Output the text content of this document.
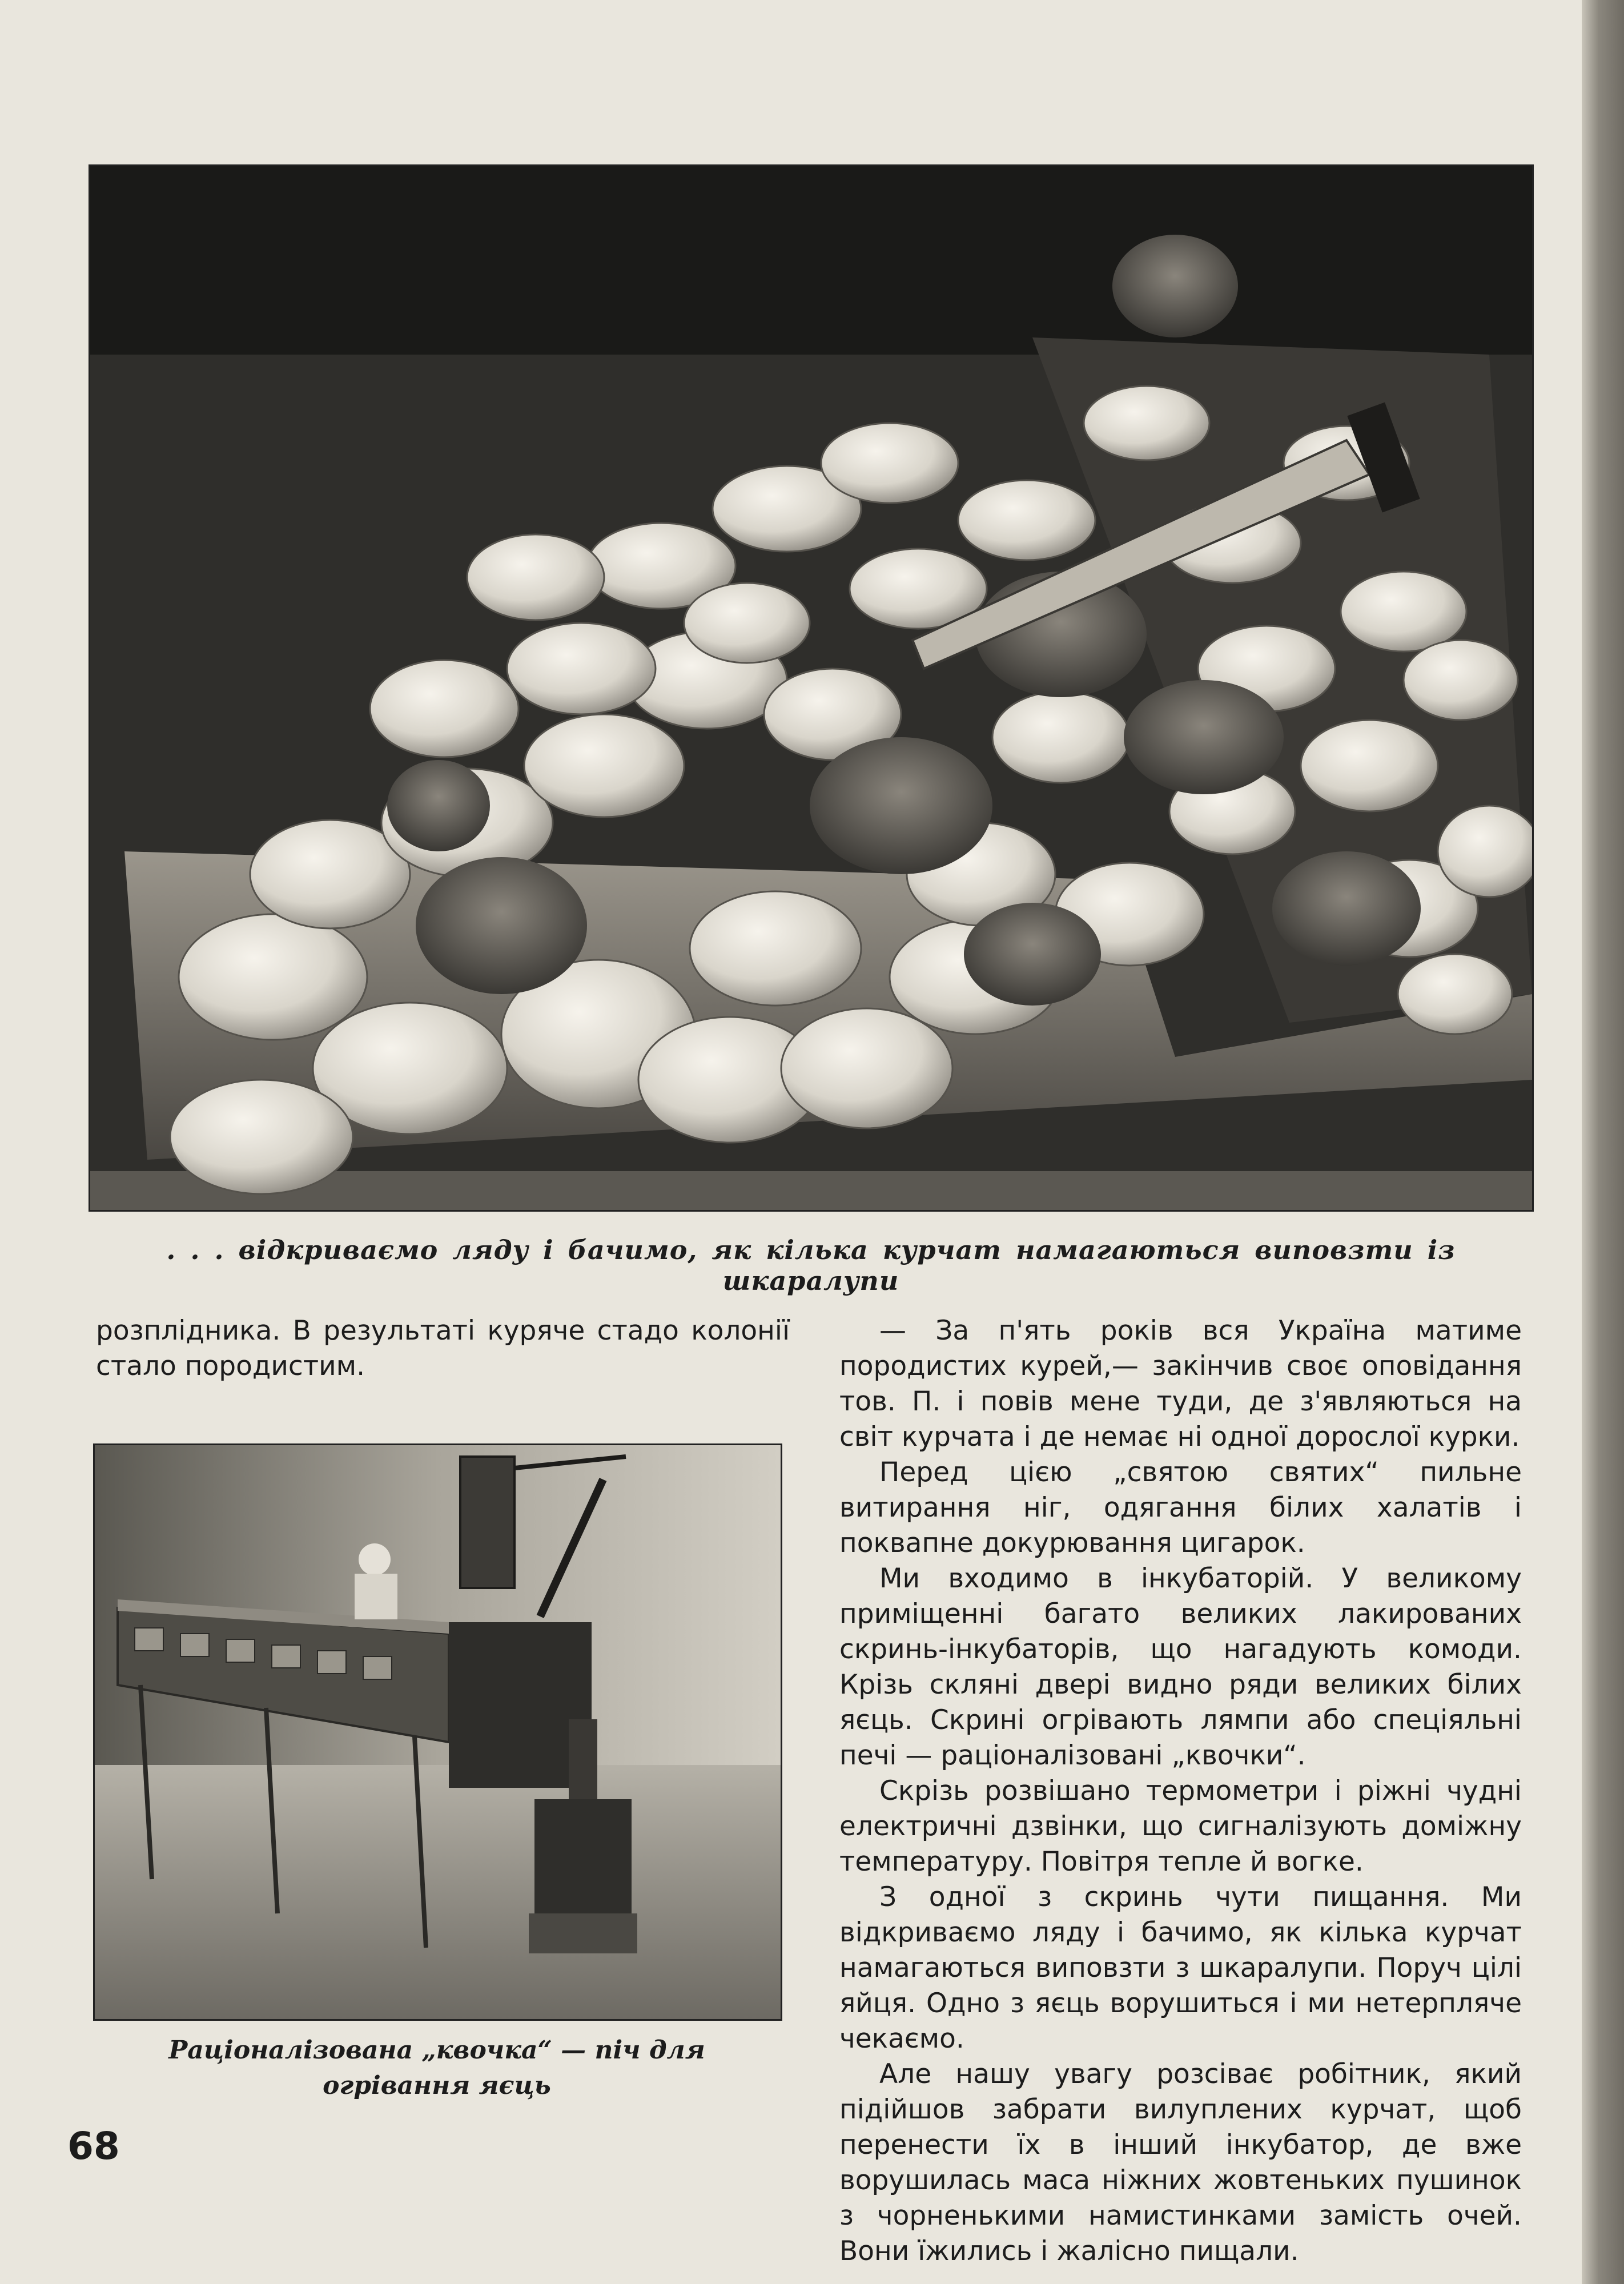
. . . відкриваємо ляду і бачимо, як кілька курчат намагаються виповзти із шкаралупи

розплідника. В результаті куряче стадо колонії стало породистим.

Раціоналізована „квочка“ — піч для огрівання яєць

— За п'ять років вся Україна матиме породистих курей,— закінчив своє оповідання тов. П. і повів мене туди, де з'являються на світ курчата і де немає ні одної дорослої курки.

Перед цією „святою святих“ пильне витирання ніг, одягання білих халатів і поквапне докурювання цигарок.

Ми входимо в інкубаторій. У великому приміщенні багато великих лакированих скринь-інкубаторів, що нагадують комоди. Крізь скляні двері видно ряди великих білих яєць. Скрині огрівають лямпи або спеціяльні печі — раціоналізовані „квочки“.

Скрізь розвішано термометри і ріжні чудні електричні дзвінки, що сигналізують доміжну температуру. Повітря тепле й вогке.

З одної з скринь чути пищання. Ми відкриваємо ляду і бачимо, як кілька курчат намагаються виповзти з шкаралупи. Поруч цілі яйця. Одно з яєць ворушиться і ми нетерпляче чекаємо.

Але нашу увагу розсіває робітник, який підійшов забрати вилуплених курчат, щоб перенести їх в інший інкубатор, де вже ворушилась маса ніжних жовтеньких пушинок з чорненькими намистинками замість очей. Вони їжились і жалісно пищали.

68
